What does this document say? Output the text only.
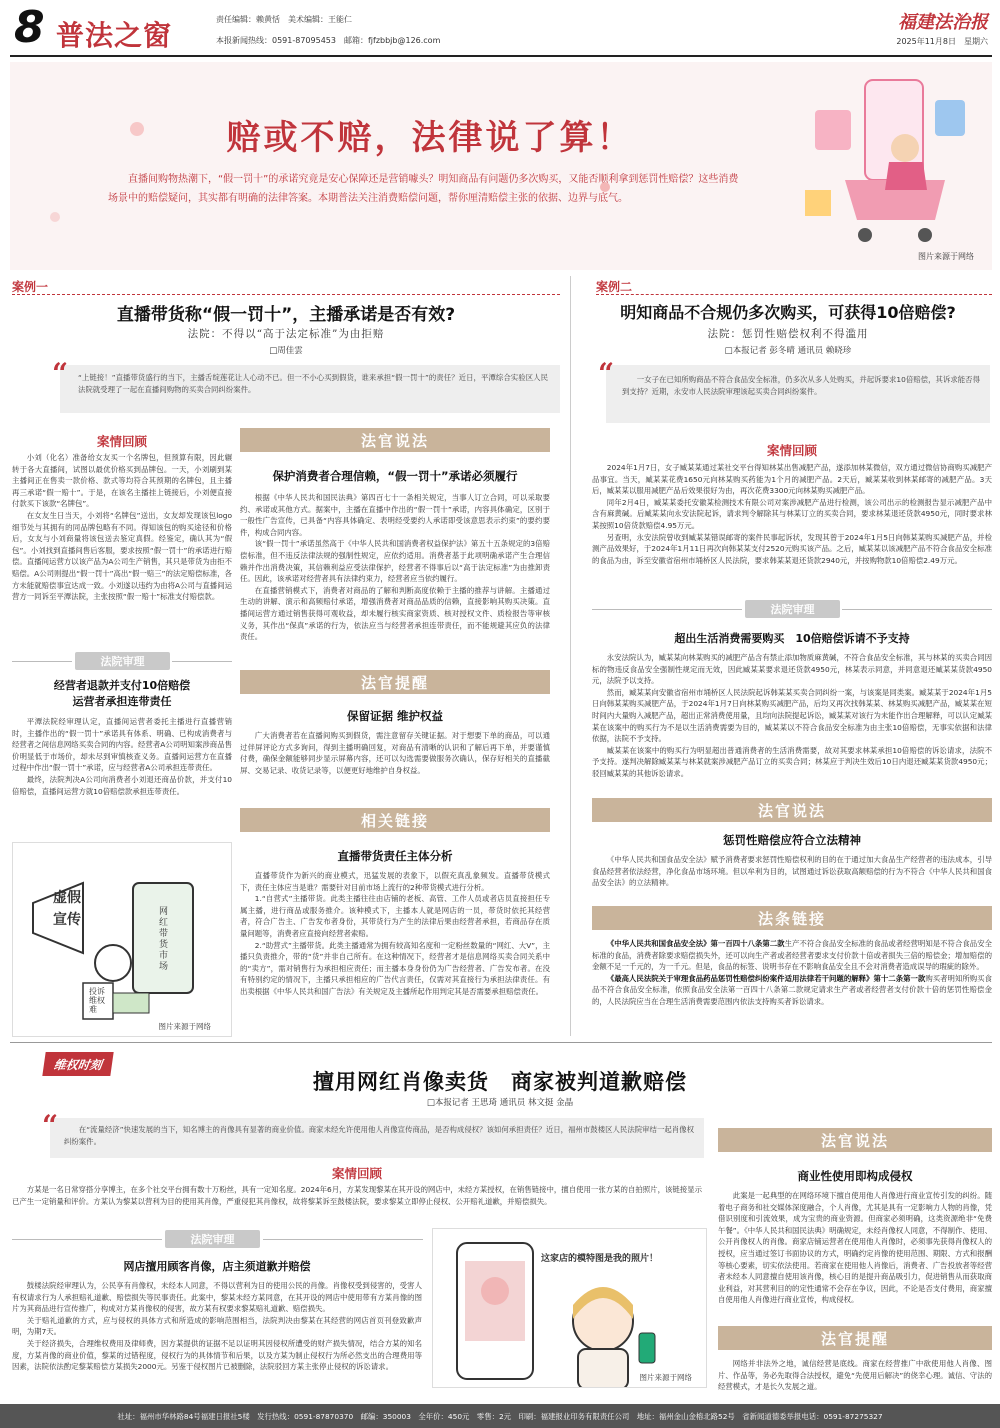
8 普法之窗	责任编辑：赖黄恬　美术编辑：王能仁
本报新闻热线：0591-87095453　邮箱：fjfzbbjb@126.com
福建法治报
2025年11月8日　星期六
赔或不赔，法律说了算！
直播间购物热潮下，“假一罚十”的承诺究竟是安心保障还是营销噱头？明知商品有问题仍多次购买，又能否顺利拿到惩罚性赔偿？这些消费场景中的赔偿疑问，其实都有明确的法律答案。本期普法关注消费赔偿问题，帮你厘清赔偿主张的依据、边界与底气。
图片来源于网络
案例一
直播带货称“假一罚十”，主播承诺是否有效?
法院：不得以“高于法定标准”为由拒赔
□周佳雲
“ “上链接！”直播带货盛行的当下，主播舌绽莲花让人心动不已。但一不小心买到假货，谁来承担“假一罚十”的责任？近日，平潭综合实验区人民法院就受理了一起在直播间购物的买卖合同纠纷案件。
案情回顾

小刘（化名）准备给女友买一个名牌包，但预算有限，因此辗转于各大直播间，试图以最优价格买到品牌包。一天，小刘刷到某主播间正在售卖一款价格、款式等均符合其预期的名牌包，且主播再三承诺“假一赔十”。于是，在该名主播挂上链接后，小刘便直接付款买下该款“名牌包”。

在女友生日当天，小刘将“名牌包”送出，女友却发现该包logo细节处与其拥有的同品牌包略有不同。得知该包的购买途径和价格后，女友与小刘商量将该包送去鉴定真假。经鉴定，确认其为“假包”。小刘找到直播间售后客服，要求按照“假一罚十”的承诺进行赔偿。直播间运营方以该产品为A公司生产销售，其只是带货为由拒不赔偿。A公司则提出“假一罚十”高出“假一赔三”的法定赔偿标准，各方未能就赔偿事宜达成一致。小刘遂以违约为由将A公司与直播间运营方一同诉至平潭法院，主张按照“假一赔十”标准支付赔偿款。

法院审理
经营者退款并支付10倍赔偿
运营者承担连带责任

平潭法院经审理认定，直播间运营者委托主播进行直播营销时，主播作出的“假一罚十”承诺具有体系、明确、已构成消费者与经营者之间信息网络买卖合同的内容。经营者A公司明知案涉商品售价明显低于市场价，却未尽到审慎核查义务。直播间运营方在直播过程中作出“假一罚十”承诺，应与经营者A公司承担连带责任。

最终，法院判决A公司向消费者小刘退还商品价款，并支付10倍赔偿，直播间运营方就10倍赔偿款承担连带责任。

虚假
宣传
投诉维权难
网红带货市场
图片来源于网络
法官说法
保护消费者合理信赖，“假一罚十”承诺必须履行

根据《中华人民共和国民法典》第四百七十一条相关规定，当事人订立合同，可以采取要约、承诺或其他方式。据案中，主播在直播中作出的“假一罚十”承诺，内容具体确定，区别于一般性广告宣传，已具备“内容具体确定、表明经受要约人承诺即受该意思表示约束”的要约要件，构成合同内容。

该“假一罚十”承诺虽然高于《中华人民共和国消费者权益保护法》第五十五条规定的3倍赔偿标准，但不违反法律法规的强制性规定，应依约适用。消费者基于此项明确承诺产生合理信赖并作出消费决策，其信赖利益应受法律保护，经营者不得事后以“高于法定标准”为由推卸责任。因此，该承诺对经营者具有法律约束力，经营者应当依约履行。

在直播营销模式下，消费者对商品的了解和判断高度依赖于主播的推荐与讲解。主播通过生动的讲解、演示和高频赔付承诺，增强消费者对商品品质的信赖，直接影响其购买决策。直播间运营方通过销售获得可观收益，却未履行核实商家资质、核对授权文件、质检报告等审核义务，其作出“保真”承诺的行为，依法应当与经营者承担连带责任，而不能规避其应负的法律责任。

法官提醒
保留证据 维护权益

广大消费者若在直播间购买到假货，需注意留存关键证据。对于想要下单的商品，可以通过伴屏评论方式多询问，得到主播明确回复，对商品有清晰的认识和了解后再下单，并要谨慎付费，确保金额能够同步显示屏幕内容，还可以勾选需要做服务次确认，保存好相关的直播截屏、交易记录、收货记录等，以便更好地维护自身权益。

相关链接
直播带货责任主体分析

直播带货作为新兴的商业模式，迅猛发展的表象下，以假充真乱象频发。直播带货模式下，责任主体应当是谁？需要针对目前市场上流行的2种带货模式进行分析。

1.“自营式”主播带货。此类主播往往由店铺的老板、高管、工作人员或者店员直接担任专属主播，进行商品或服务推介。该种模式下，主播本人就是网店的一员，带货时依托其经营者，符合广告主、广告发布者身份，其带货行为产生的法律后果由经营者承担，若商品存在质量问题等，消费者应直接向经营者索赔。

2.“助营式”主播带货。此类主播通常为拥有较高知名度和一定粉丝数量的“网红、大V”，主播只负责推介，带的“货”并非自己所有。在这种情况下，经营者才是信息网络买卖合同关系中的“卖方”，需对销售行为承担相应责任；而主播本身身份仍为广告经营者、广告发布者。在没有特别约定的情况下，主播只承担相应的广告代言责任，仅需对其直接行为承担法律责任。有出卖根据《中华人民共和国广告法》有关规定及主播所起作用判定其是否需要承担赔偿责任。

案例二
明知商品不合规仍多次购买，可获得10倍赔偿?
法院：惩罚性赔偿权利不得滥用
□本报记者 彭冬晴 通讯员 赖晓珍
“	一女子在已知所购商品不符合食品安全标准，仍多次从多人处购买，并起诉要求10倍赔偿，其诉求能否得到支持？近期，永安市人民法院审理该起买卖合同纠纷案件。
案情回顾

2024年1月7日，女子臧某某通过某社交平台得知林某出售减肥产品，遂添加林某微信，双方通过微信协商购买减肥产品事宜。当天，臧某某花费1650元向林某购买药能为1个月的减肥产品。2天后，臧某某收到林某邮寄的减肥产品。3天后，臧某某以服用减肥产品后效果很好为由，再次花费3300元向林某购买减肥产品。

同年2月4日，臧某某委托安徽某检测技术有限公司对案涉减肥产品进行检测，该公司出示的检测报告显示减肥产品中含有麻黄碱。后臧某某向永安法院起诉，请求判令解除其与林某订立的买卖合同，要求林某退还货款4950元，同时要求林某按照10倍货款赔偿4.95万元。

另查明，永安法院曾收到臧某某错误邮寄的案件民事起诉状，发现其曾于2024年1月5日向韩某某购买减肥产品，并检测产品效果好，于2024年1月11日再次向韩某某支付2520元购买该产品。之后，臧某某以该减肥产品不符合食品安全标准的食品为由，诉至安徽省宿州市埇桥区人民法院，要求韩某某退还货款2940元，并按购物款10倍赔偿2.49万元。

法院审理
超出生活消费需要购买　10倍赔偿诉请不予支持

永安法院认为，臧某某向林某购买的减肥产品含有禁止添加物质麻黄碱，不符合食品安全标准，其与林某的买卖合同因标的物违反食品安全强制性规定而无效，因此臧某某要求退还货款4950元，林某表示同意，并同意退还臧某某货款4950元，法院予以支持。

然而，臧某某向安徽省宿州市埇桥区人民法院起诉韩某某买卖合同纠纷一案，与该案是同类案。臧某某于2024年1月5日向韩某某购买减肥产品，于2024年1月7日向林某购买减肥产品，后均又再次找韩某某、林某购买减肥产品，臧某某在短时间内大量购入减肥产品，超出正常消费使用量，且均向法院提起诉讼，臧某某对该行为未能作出合理解释，可以认定臧某某在该案中的购买行为不是以生活消费需要为目的，臧某某以不符合食品安全标准为由主张10倍赔偿，无事实依据和法律依据，法院不予支持。

臧某某在该案中的购买行为明显超出普通消费者的生活消费需要，故对其要求林某承担10倍赔偿的诉讼请求，法院不予支持。遂判决解除臧某某与林某就案涉减肥产品订立的买卖合同；林某应于判决生效后10日内退还臧某某货款4950元；驳回臧某某的其他诉讼请求。

法官说法
惩罚性赔偿应符合立法精神

《中华人民共和国食品安全法》赋予消费者要求惩罚性赔偿权利的目的在于通过加大食品生产经营者的违法成本，引导食品经营者依法经营，净化食品市场环境。但以牟利为目的，试图通过诉讼获取高额赔偿的行为不符合《中华人民共和国食品安全法》的立法精神。

法条链接

《中华人民共和国食品安全法》第一百四十八条第二款生产不符合食品安全标准的食品或者经营明知是不符合食品安全标准的食品，消费者除要求赔偿损失外，还可以向生产者或者经营者要求支付价款十倍或者损失三倍的赔偿金；增加赔偿的金额不足一千元的，为一千元。但是，食品的标签、说明书存在不影响食品安全且不会对消费者造成误导的瑕疵的除外。

《最高人民法院关于审理食品药品惩罚性赔偿纠纷案件适用法律若干问题的解释》第十二条第一款购买者明知所购买食品不符合食品安全标准，依照食品安全法第一百四十八条第二款规定请求生产者或者经营者支付价款十倍的惩罚性赔偿金的，人民法院应当在合理生活消费需要范围内依法支持购买者诉讼请求。

维权时刻
擅用网红肖像卖货　商家被判道歉赔偿
□本报记者 王思琦 通讯员 林文挺 金晶
“	在“流量经济”快速发展的当下，知名博主的肖像具有显著的商业价值。商家未经允许使用他人肖像宣传商品，是否构成侵权？该如何承担责任？近日，福州市鼓楼区人民法院审结一起肖像权纠纷案件。
案情回顾

方某是一名日常穿搭分享博主，在多个社交平台拥有数十万粉丝，具有一定知名度。2024年6月，方某发现黎某在其开设的网店中，未经方某授权，在销售链接中，擅自使用一张方某的自拍照片，该链接显示已产生一定销量和评价。方某认为黎某以营利为目的使用其肖像，严重侵犯其肖像权，故将黎某诉至鼓楼法院，要求黎某立即停止侵权、公开赔礼道歉，并赔偿损失。

法院审理
网店擅用顾客肖像，店主须道歉并赔偿

鼓楼法院经审理认为，公民享有肖像权，未经本人同意，不得以营利为目的使用公民的肖像。肖像权受到侵害的，受害人有权请求行为人承担赔礼道歉、赔偿损失等民事责任。此案中，黎某未经方某同意，在其开设的网店中使用带有方某肖像的图片为其商品进行宣传推广，构成对方某肖像权的侵害，故方某有权要求黎某赔礼道歉、赔偿损失。

关于赔礼道歉的方式，应与侵权的具体方式和所造成的影响范围相当，法院判决由黎某在其经营的网店首页刊登致歉声明，为期7天。

关于经济损失，合理维权费用及律师费，因方某提供的证据不足以证明其因侵权所遭受的财产损失情况，结合方某的知名度，方某肖像的商业价值，黎某的过错程度，侵权行为的具体情节和后果，以及方某为制止侵权行为所必然支出的合理费用等因素，法院依法酌定黎某赔偿方某损失2000元。另鉴于侵权图片已被删除，法院驳回方某主张停止侵权的诉讼请求。

这家店的模特图是我的照片！
图片来源于网络
法官说法
商业性使用即构成侵权

此案是一起典型的在网络环境下擅自使用他人肖像进行商业宣传引发的纠纷。随着电子商务和社交媒体深度融合，个人肖像，尤其是具有一定影响力人物的肖像，凭借识别度和引流效果，成为宝贵的商业资源。但商家必须明确，这类资源绝非“免费午餐”。《中华人民共和国民法典》明确规定，未经肖像权人同意，不得制作、使用、公开肖像权人的肖像。商家店铺运营者在使用他人肖像时，必须事先获得肖像权人的授权，应当通过签订书面协议的方式，明确约定肖像的使用范围、期限、方式和报酬等核心要素，切实依法使用。若商家在使用他人肖像后，消费者、广告投放者等经营者未经本人同意擅自使用该肖像，核心目的是提升商品吸引力，促进销售从而获取商业利益，对其营利目的的定性通常不会存在争议，因此，不论是否支付费用，商家擅自使用他人肖像进行商业宣传，构成侵权。

法官提醒

网络并非法外之地，诚信经营是底线。商家在经营推广中欲使用他人肖像、图片、作品等，务必先取得合法授权，避免“先使用后解决”的侥幸心理。诚信、守法的经营模式，才是长久发展之道。

社址：福州市华林路84号福建日报社5楼　发行热线：0591-87870370　邮编：350003　全年价：450元　零售：2元　印刷：福建报业印务有限责任公司　地址：福州金山金榕北路52号　省新闻道德委举报电话：0591-87275327
